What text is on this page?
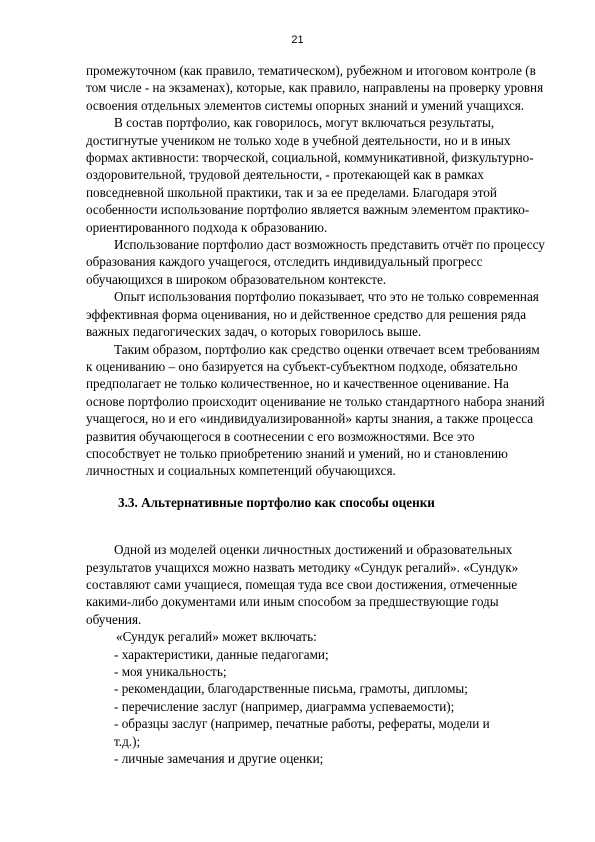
21

промежуточном (как правило, тематическом), рубежном и итоговом контроле (в том числе - на экзаменах), которые, как правило, направлены на проверку уровня освоения отдельных элементов системы опорных знаний и умений учащихся.

В состав портфолио, как говорилось, могут включаться результаты, достигнутые учеником не только ходе в учебной деятельности, но и в иных формах активности: творческой, социальной, коммуникативной, физкультурно-оздоровительной, трудовой деятельности, - протекающей как в рамках повседневной школьной практики, так и за ее пределами. Благодаря этой особенности использование портфолио является важным элементом практико-ориентированного подхода к образованию.

Использование портфолио даст возможность представить отчёт по процессу образования каждого учащегося, отследить индивидуальный прогресс обучающихся в широком образовательном контексте.

Опыт использования портфолио показывает, что это не только современная эффективная форма оценивания, но и действенное средство для решения ряда важных педагогических задач, о которых говорилось выше.

Таким образом, портфолио как средство оценки отвечает всем требованиям к оцениванию – оно базируется на субъект-субъектном подходе, обязательно предполагает не только количественное, но и качественное оценивание. На основе портфолио происходит оценивание не только стандартного набора знаний учащегося, но и его «индивидуализированной» карты знания, а также процесса развития обучающегося в соотнесении с его возможностями. Все это способствует не только приобретению знаний и умений, но и становлению личностных и социальных компетенций обучающихся.

3.3. Альтернативные портфолио как способы оценки

Одной из моделей оценки личностных достижений и образовательных результатов учащихся можно назвать методику «Сундук регалий». «Сундук» составляют сами учащиеся, помещая туда все свои достижения, отмеченные какими-либо документами или иным способом за предшествующие годы обучения.

«Сундук регалий» может включать:

- характеристики, данные педагогами;

- моя уникальность;

- рекомендации, благодарственные письма, грамоты, дипломы;

- перечисление заслуг (например, диаграмма успеваемости);

- образцы заслуг (например, печатные работы, рефераты, модели и

т.д.);

- личные замечания и другие оценки;
